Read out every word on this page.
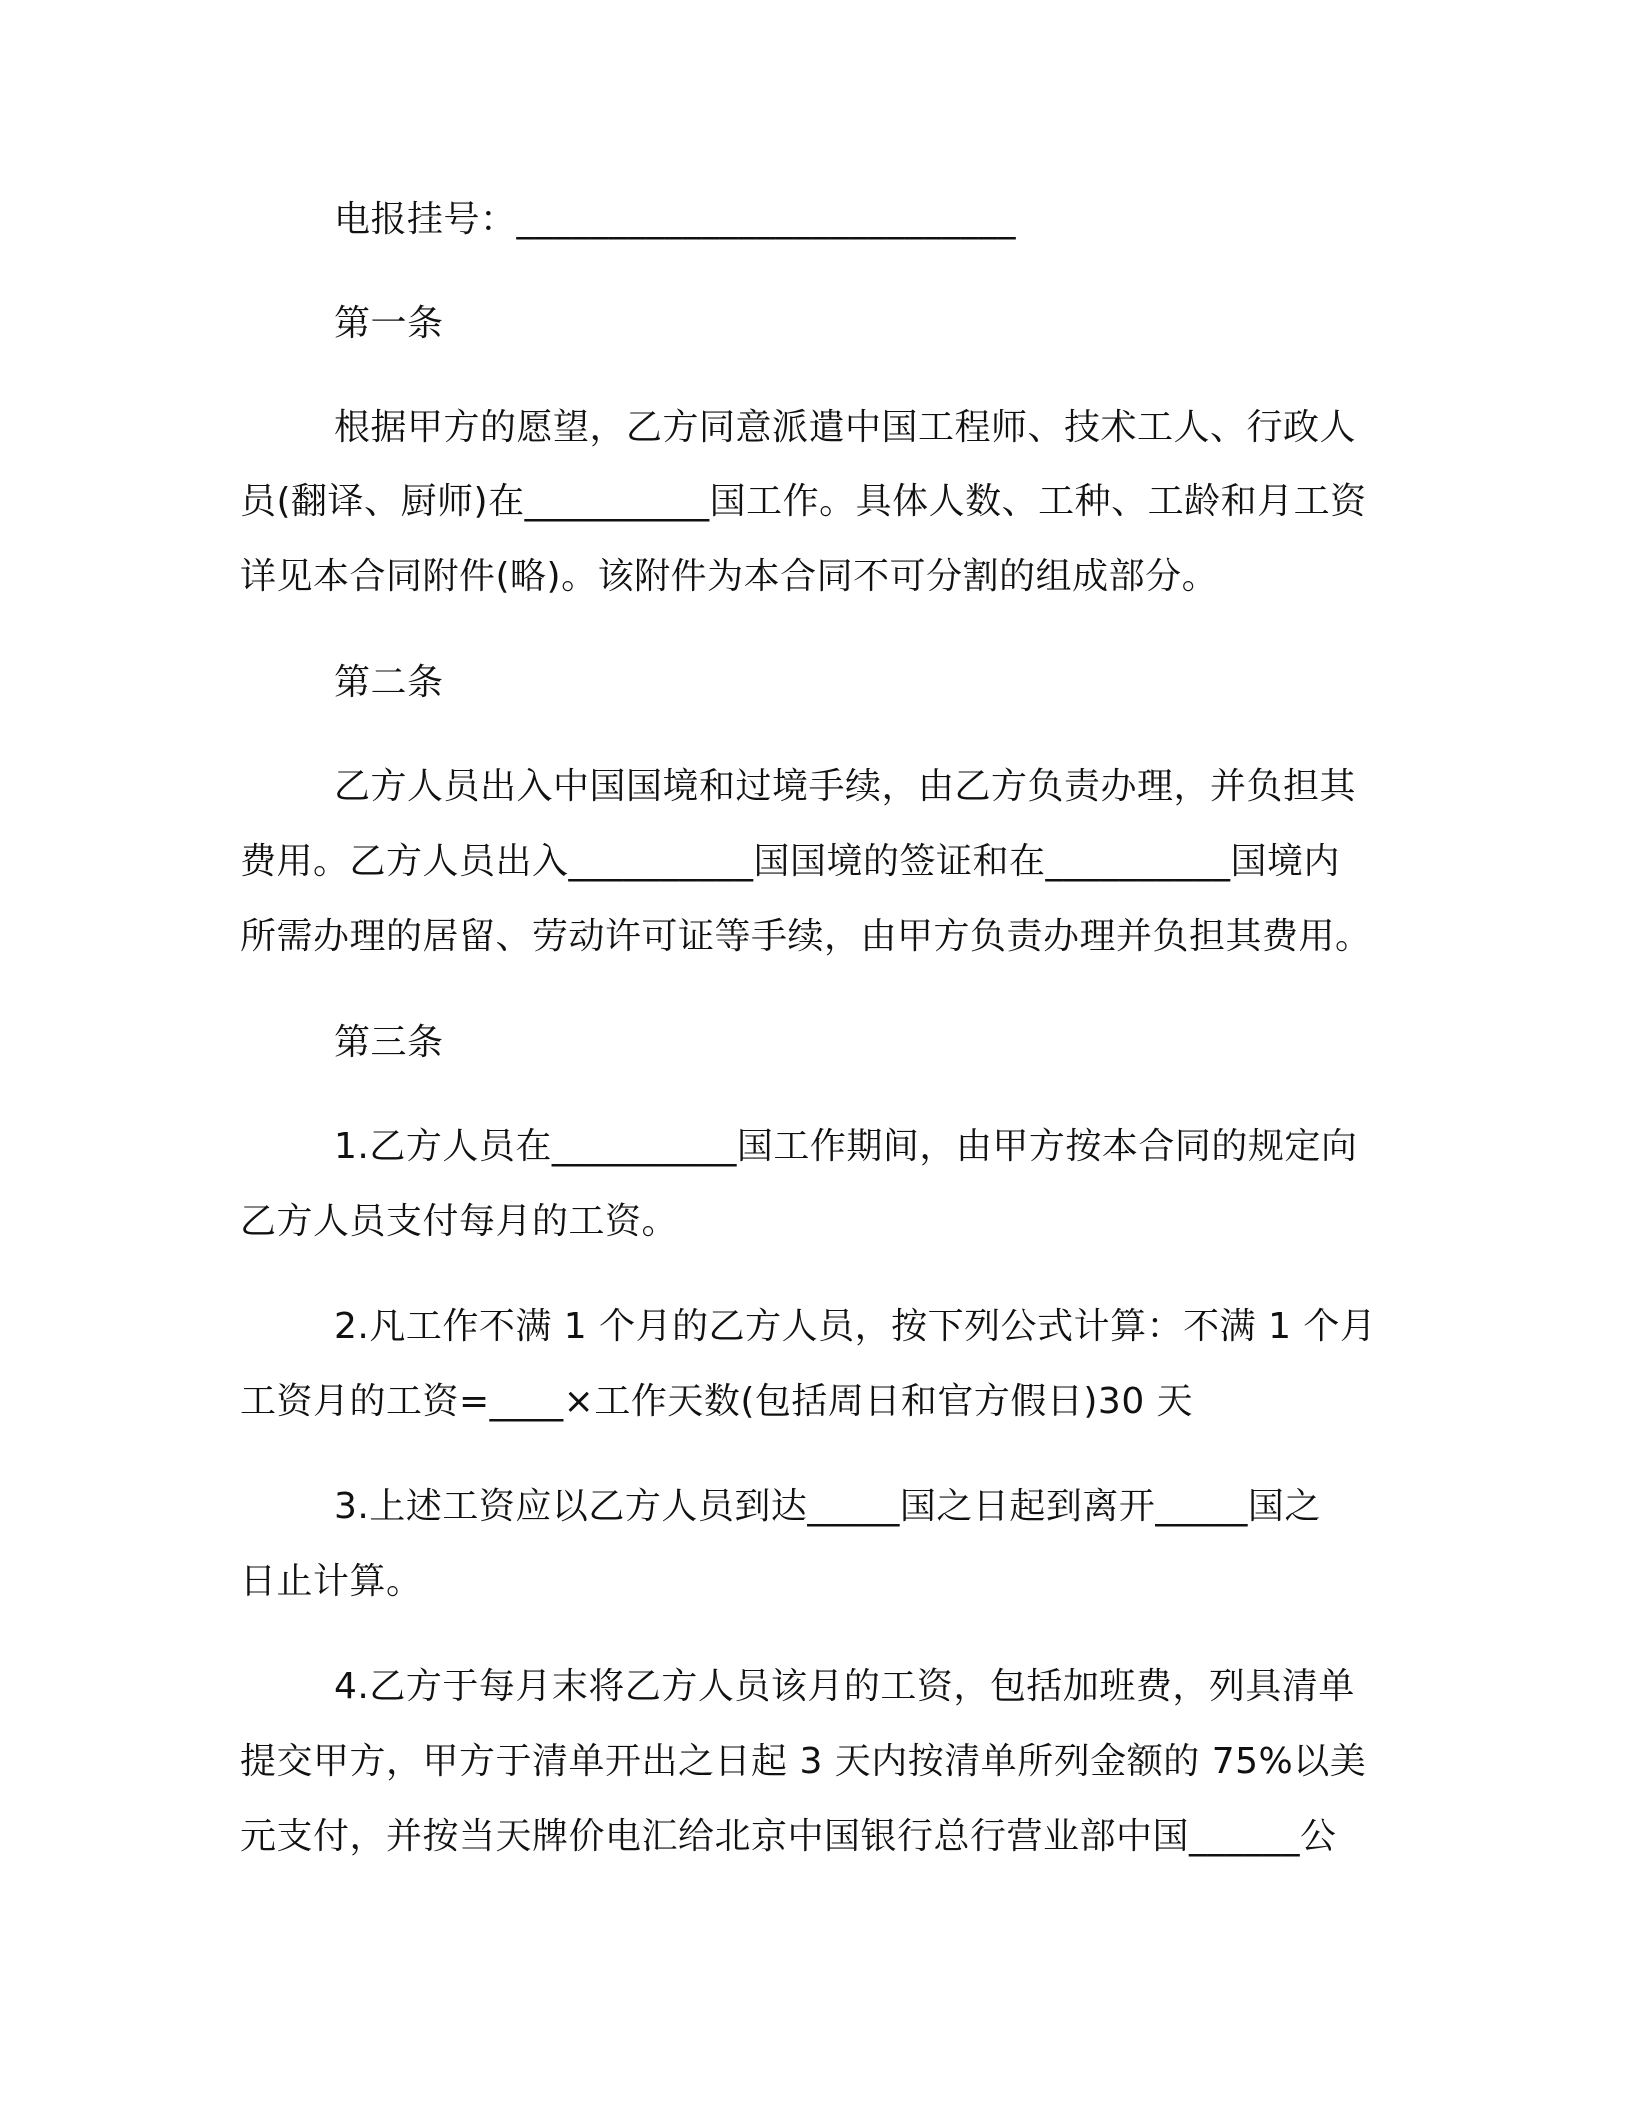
电报挂号：___________________________
第一条
根据甲方的愿望，乙方同意派遣中国工程师、技术工人、行政人
员(翻译、厨师)在__________国工作。具体人数、工种、工龄和月工资
详见本合同附件(略)。该附件为本合同不可分割的组成部分。
第二条
乙方人员出入中国国境和过境手续，由乙方负责办理，并负担其
费用。乙方人员出入__________国国境的签证和在__________国境内
所需办理的居留、劳动许可证等手续，由甲方负责办理并负担其费用。
第三条
1.乙方人员在__________国工作期间，由甲方按本合同的规定向
乙方人员支付每月的工资。
2.凡工作不满 1 个月的乙方人员，按下列公式计算：不满 1 个月
工资月的工资=____×工作天数(包括周日和官方假日)30 天
3.上述工资应以乙方人员到达_____国之日起到离开_____国之
日止计算。
4.乙方于每月末将乙方人员该月的工资，包括加班费，列具清单
提交甲方，甲方于清单开出之日起 3 天内按清单所列金额的 75%以美
元支付，并按当天牌价电汇给北京中国银行总行营业部中国______公
